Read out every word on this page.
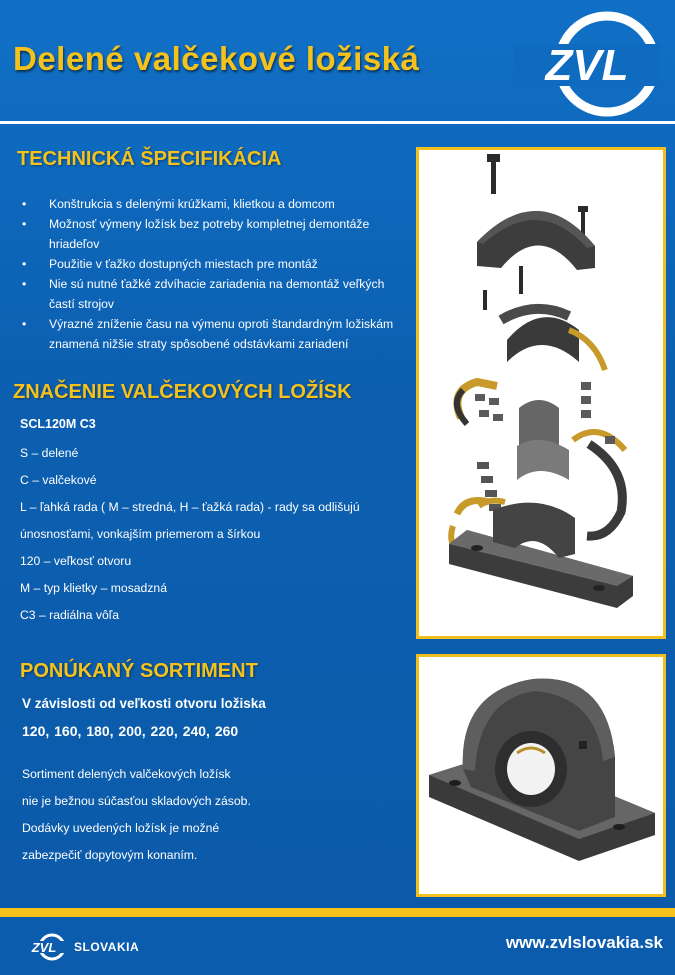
Delené valčekové ložiská	ZVL
TECHNICKÁ ŠPECIFIKÁCIA
• Konštrukcia s delenými krúžkami, klietkou a domcom
• Možnosť výmeny ložísk bez potreby kompletnej demontáže hriadeľov
• Použitie v ťažko dostupných miestach pre montáž
• Nie sú nutné ťažké zdvíhacie zariadenia na demontáž veľkých častí strojov
• Výrazné zníženie času na výmenu oproti štandardným ložiskám znamená nižšie straty spôsobené odstávkami zariadení
ZNAČENIE VALČEKOVÝCH LOŽÍSK
SCL120M C3
S – delené
C – valčekové
L – ľahká rada ( M – stredná, H – ťažká rada) - rady sa odlišujú
únosnosťami, vonkajším priemerom a šírkou
120 – veľkosť otvoru
M – typ klietky – mosadzná
C3 – radiálna vôľa
PONÚKANÝ SORTIMENT
V závislosti od veľkosti otvoru ložiska
120, 160, 180, 200, 220, 240, 260
Sortiment delených valčekových ložísk
nie je bežnou súčasťou skladových zásob.
Dodávky uvedených ložísk je možné
zabezpečiť dopytovým konaním.
ZVL SLOVAKIA	www.zvlslovakia.sk
